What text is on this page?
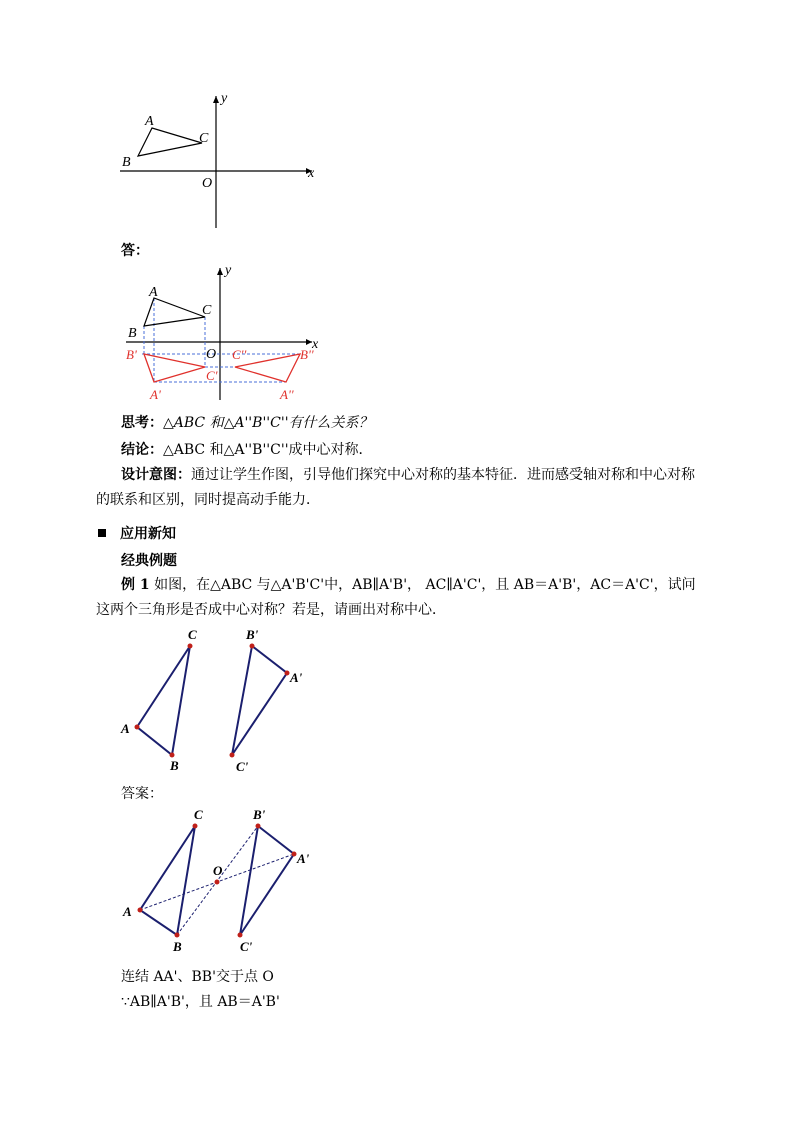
A
B
C
O
x
y
答：
A
B
C
O
x
y
B'
A'
C'
C''	B''
A''
思考：△ABC 和△A''B''C''有什么关系？
结论：△ABC 和△A''B''C''成中心对称．
设计意图：通过让学生作图，引导他们探究中心对称的基本特征．进而感受轴对称和中心对称的联系和区别，同时提高动手能力．
应用新知
经典例题
例 1 如图，在△ABC 与△A'B'C'中，AB∥A'B'， AC∥A'C'，且 AB＝A'B'，AC＝A'C'，试问这两个三角形是否成中心对称？若是，请画出对称中心．
C
A
B
B'
A'
C'
答案：
C
A
B
O
B'
A'
C'
连结 AA'、BB'交于点 O
∵AB∥A'B'，且 AB＝A'B'
